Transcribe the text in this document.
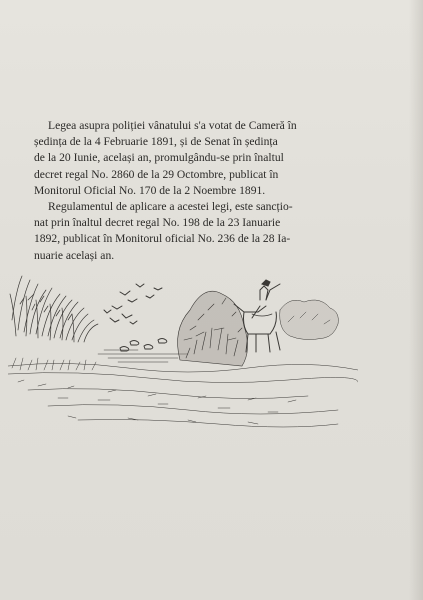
Legea asupra poliției vânatului s'a votat de Cameră în
ședința de la 4 Februarie 1891, și de Senat în ședința
de la 20 Iunie, același an, promulgându-se prin înaltul
decret regal No. 2860 de la 29 Octombre, publicat în
Monitorul Oficial No. 170 de la 2 Noembre 1891.

Regulamentul de aplicare a acestei legi, este sancțio-
nat prin înaltul decret regal No. 198 de la 23 Ianuarie
1892, publicat în Monitorul oficial No. 236 de la 28 Ia-
nuarie același an.
